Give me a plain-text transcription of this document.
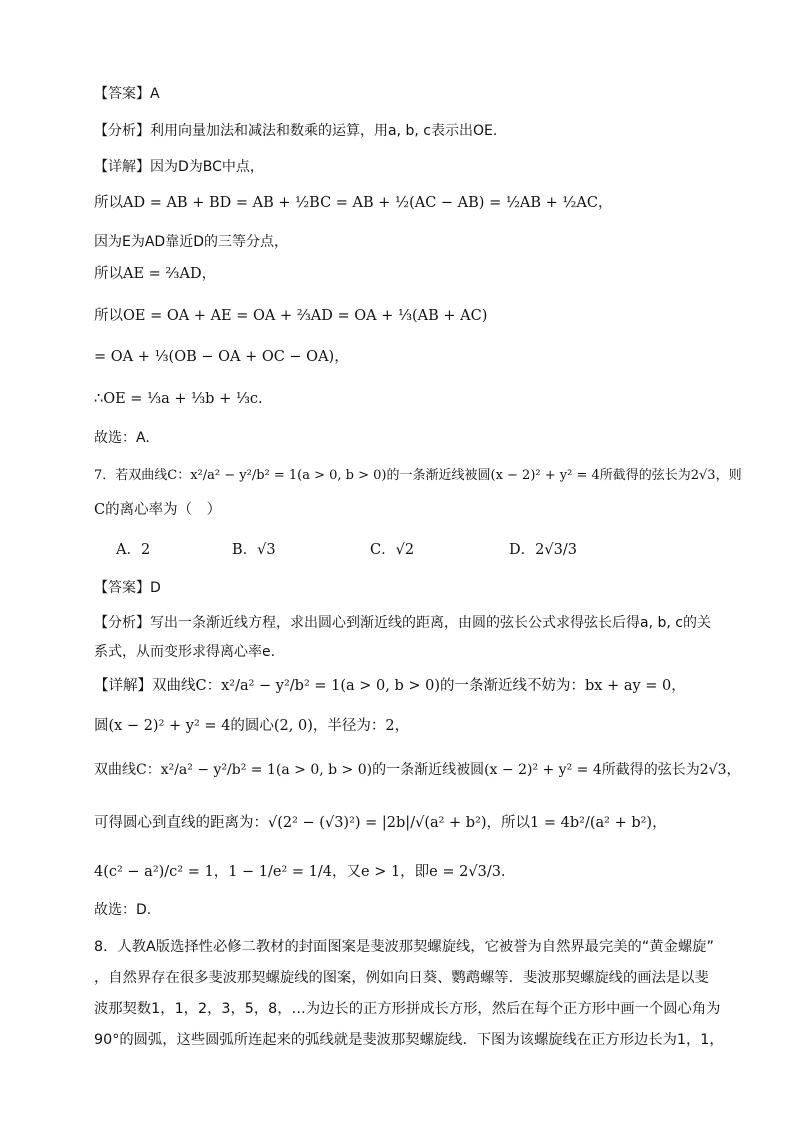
【答案】A
【分析】利用向量加法和减法和数乘的运算，用a, b, c表示出OE.
【详解】因为D为BC中点，
所以AD = AB + BD = AB + ½BC = AB + ½(AC − AB) = ½AB + ½AC，
因为E为AD靠近D的三等分点，
所以AE = ⅔AD，
所以OE = OA + AE = OA + ⅔AD = OA + ⅓(AB + AC)
= OA + ⅓(OB − OA + OC − OA)，
∴OE = ⅓a + ⅓b + ⅓c.
故选：A.
7．若双曲线C：x²/a² − y²/b² = 1(a > 0, b > 0)的一条渐近线被圆(x − 2)² + y² = 4所截得的弦长为2√3，则
C的离心率为（　）
A．2	B．√3	C．√2	D．2√3/3
【答案】D
【分析】写出一条渐近线方程，求出圆心到渐近线的距离，由圆的弦长公式求得弦长后得a, b, c的关
系式，从而变形求得离心率e.
【详解】双曲线C：x²/a² − y²/b² = 1(a > 0, b > 0)的一条渐近线不妨为：bx + ay = 0，
圆(x − 2)² + y² = 4的圆心(2, 0)，半径为：2，
双曲线C：x²/a² − y²/b² = 1(a > 0, b > 0)的一条渐近线被圆(x − 2)² + y² = 4所截得的弦长为2√3，
可得圆心到直线的距离为：√(2² − (√3)²) = |2b|/√(a² + b²)，所以1 = 4b²/(a² + b²)，
4(c² − a²)/c² = 1，1 − 1/e² = 1/4，又e > 1，即e = 2√3/3.
故选：D.
8．人教A版选择性必修二教材的封面图案是斐波那契螺旋线，它被誉为自然界最完美的“黄金螺旋”
，自然界存在很多斐波那契螺旋线的图案，例如向日葵、鹦鹉螺等．斐波那契螺旋线的画法是以斐
波那契数1，1，2，3，5，8，…为边长的正方形拼成长方形，然后在每个正方形中画一个圆心角为
90°的圆弧，这些圆弧所连起来的弧线就是斐波那契螺旋线．下图为该螺旋线在正方形边长为1，1，
